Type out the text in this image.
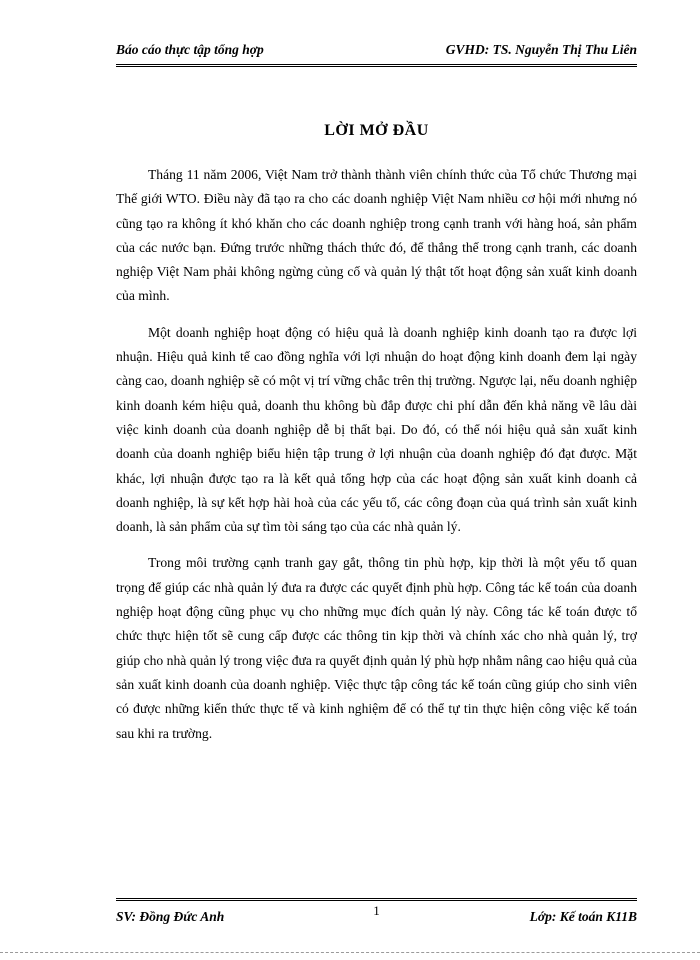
Báo cáo thực tập tổng hợp	GVHD: TS. Nguyễn Thị Thu Liên
LỜI MỞ ĐẦU

Tháng 11 năm 2006, Việt Nam trở thành thành viên chính thức của Tổ chức Thương mại Thế giới WTO. Điều này đã tạo ra cho các doanh nghiệp Việt Nam nhiều cơ hội mới nhưng nó cũng tạo ra không ít khó khăn cho các doanh nghiệp trong cạnh tranh với hàng hoá, sản phẩm của các nước bạn. Đứng trước những thách thức đó, để thắng thế trong cạnh tranh, các doanh nghiệp Việt Nam phải không ngừng củng cố và quản lý thật tốt hoạt động sản xuất kinh doanh của mình.

Một doanh nghiệp hoạt động có hiệu quả là doanh nghiệp kinh doanh tạo ra được lợi nhuận. Hiệu quả kinh tế cao đồng nghĩa với lợi nhuận do hoạt động kinh doanh đem lại ngày càng cao, doanh nghiệp sẽ có một vị trí vững chắc trên thị trường. Ngược lại, nếu doanh nghiệp kinh doanh kém hiệu quả, doanh thu không bù đắp được chi phí dẫn đến khả năng về lâu dài việc kinh doanh của doanh nghiệp dễ bị thất bại. Do đó, có thể nói hiệu quả sản xuất kinh doanh của doanh nghiệp biểu hiện tập trung ở lợi nhuận của doanh nghiệp đó đạt được. Mặt khác, lợi nhuận được tạo ra là kết quả tổng hợp của các hoạt động sản xuất kinh doanh cả doanh nghiệp, là sự kết hợp hài hoà của các yếu tố, các công đoạn của quá trình sản xuất kinh doanh, là sản phẩm của sự tìm tòi sáng tạo của các nhà quản lý.

Trong môi trường cạnh tranh gay gắt, thông tin phù hợp, kịp thời là một yếu tố quan trọng để giúp các nhà quản lý đưa ra được các quyết định phù hợp. Công tác kế toán của doanh nghiệp hoạt động cũng phục vụ cho những mục đích quản lý này. Công tác kế toán được tổ chức thực hiện tốt sẽ cung cấp được các thông tin kịp thời và chính xác cho nhà quản lý, trợ giúp cho nhà quản lý trong việc đưa ra quyết định quản lý phù hợp nhằm nâng cao hiệu quả của sản xuất kinh doanh của doanh nghiệp. Việc thực tập công tác kế toán cũng giúp cho sinh viên có được những kiến thức thực tế và kinh nghiệm để có thể tự tin thực hiện công việc kế toán sau khi ra trường.

SV: Đồng Đức Anh	1	Lớp: Kế toán K11B
